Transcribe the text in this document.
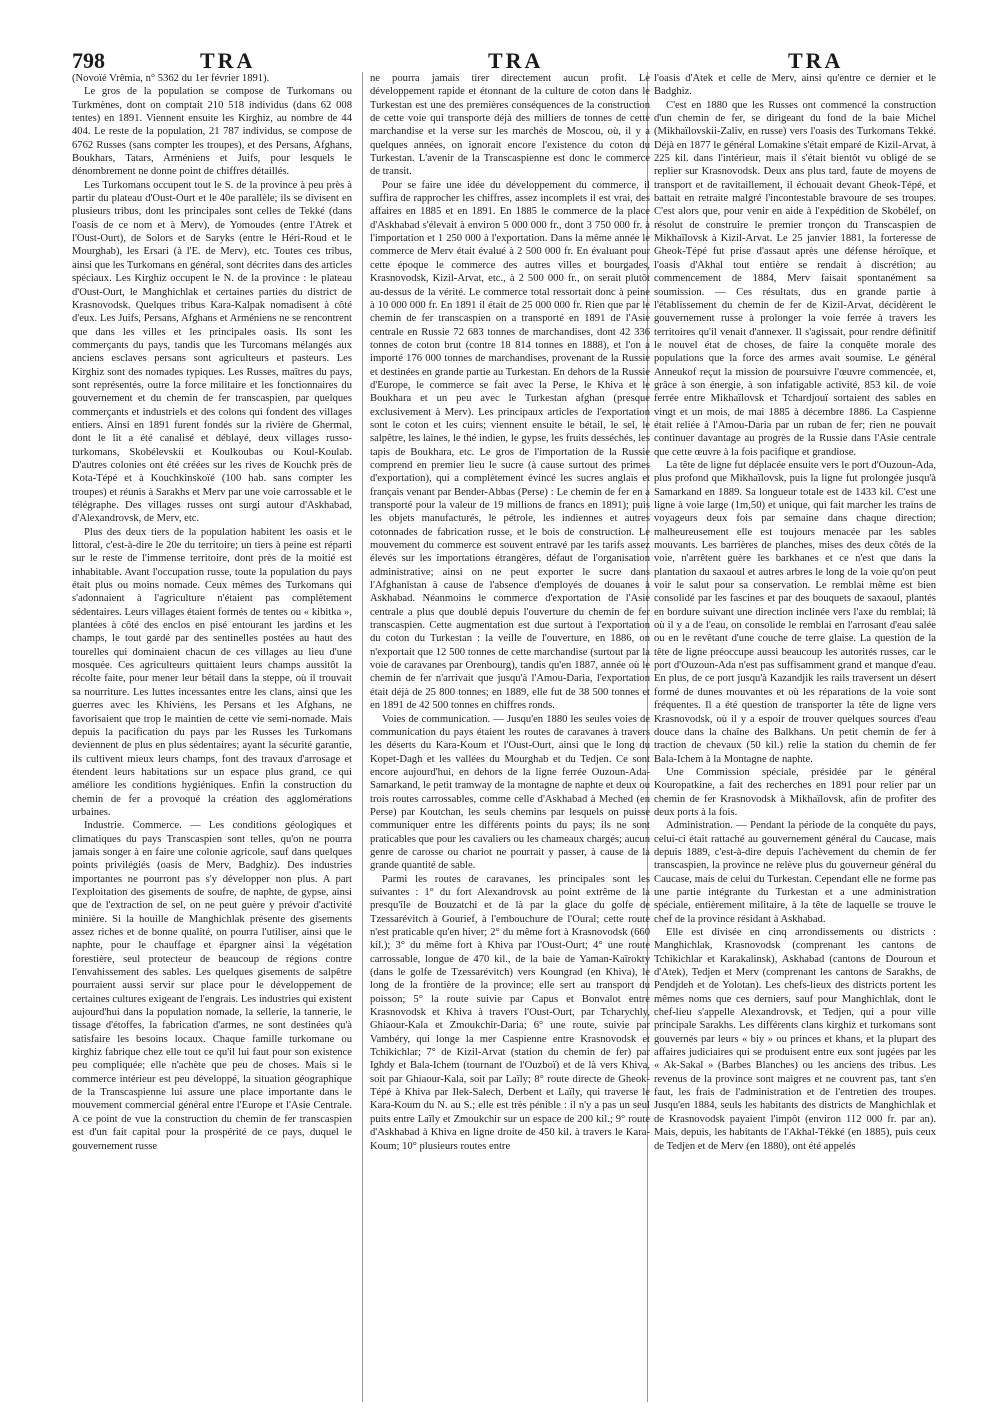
798	TRA	TRA	TRA

(Novoïé Vrêmia, n° 5362 du 1er février 1891).

Le gros de la population se compose de Turkomans ou Turkmènes, dont on comptait 210 518 individus (dans 62 008 tentes) en 1891. Viennent ensuite les Kirghiz, au nombre de 44 404. Le reste de la population, 21 787 individus, se compose de 6762 Russes (sans compter les troupes), et des Persans, Afghans, Boukhars, Tatars, Arméniens et Juifs, pour lesquels le dénombrement ne donne point de chiffres détaillés.

Les Turkomans occupent tout le S. de la province à peu près à partir du plateau d'Oust-Ourt et le 40e parallèle; ils se divisent en plusieurs tribus, dont les principales sont celles de Tekké (dans l'oasis de ce nom et à Merv), de Yomoudes (entre l'Atrek et l'Oust-Ourt), de Solors et de Saryks (entre le Héri-Roud et le Mourghab), les Ersari (à l'E. de Merv), etc. Toutes ces tribus, ainsi que les Turkomans en général, sont décrites dans des articles spéciaux. Les Kirghiz occupent le N. de la province : le plateau d'Oust-Ourt, le Manghichlak et certaines parties du district de Krasnovodsk. Quelques tribus Kara-Kalpak nomadisent à côté d'eux. Les Juifs, Persans, Afghans et Arméniens ne se rencontrent que dans les villes et les principales oasis. Ils sont les commerçants du pays, tandis que les Turcomans mélangés aux anciens esclaves persans sont agriculteurs et pasteurs. Les Kirghiz sont des nomades typiques. Les Russes, maîtres du pays, sont représentés, outre la force militaire et les fonctionnaires du gouvernement et du chemin de fer transcaspien, par quelques commerçants et industriels et des colons qui fondent des villages entiers. Ainsi en 1891 furent fondés sur la rivière de Ghermal, dont le lit a été canalisé et déblayé, deux villages russo-turkomans, Skobélevskii et Koulkoubas ou Koul-Koulab. D'autres colonies ont été créées sur les rives de Kouchk près de Kota-Tépé et à Kouchkinskoïé (100 hab. sans compter les troupes) et réunis à Sarakhs et Merv par une voie carrossable et le télégraphe. Des villages russes ont surgi autour d'Askhabad, d'Alexandrovsk, de Merv, etc.

Plus des deux tiers de la population habitent les oasis et le littoral, c'est-à-dire le 20e du territoire; un tiers à peine est réparti sur le reste de l'immense territoire, dont près de la moitié est inhabitable. Avant l'occupation russe, toute la population du pays était plus ou moins nomade. Ceux mêmes des Turkomans qui s'adonnaient à l'agriculture n'étaient pas complètement sédentaires. Leurs villages étaient formés de tentes ou « kibitka », plantées à côté des enclos en pisé entourant les jardins et les champs, le tout gardé par des sentinelles postées au haut des tourelles qui dominaient chacun de ces villages au lieu d'une mosquée. Ces agriculteurs quittaient leurs champs aussitôt la récolte faite, pour mener leur bétail dans la steppe, où il trouvait sa nourriture. Les luttes incessantes entre les clans, ainsi que les guerres avec les Khiviens, les Persans et les Afghans, ne favorisaient que trop le maintien de cette vie semi-nomade. Mais depuis la pacification du pays par les Russes les Turkomans deviennent de plus en plus sédentaires; ayant la sécurité garantie, ils cultivent mieux leurs champs, font des travaux d'arrosage et étendent leurs habitations sur un espace plus grand, ce qui améliore les conditions hygiéniques. Enfin la construction du chemin de fer a provoqué la création des agglomérations urbaines.

Industrie. Commerce. — Les conditions géologiques et climatiques du pays Transcaspien sont telles, qu'on ne pourra jamais songer à en faire une colonie agricole, sauf dans quelques points privilégiés (oasis de Merv, Badghiz). Des industries importantes ne pourront pas s'y développer non plus. A part l'exploitation des gisements de soufre, de naphte, de gypse, ainsi que de l'extraction de sel, on ne peut guère y prévoir d'activité minière. Si la houille de Manghichlak présente des gisements assez riches et de bonne qualité, on pourra l'utiliser, ainsi que le naphte, pour le chauffage et épargner ainsi la végétation forestière, seul protecteur de beaucoup de régions contre l'envahissement des sables. Les quelques gisements de salpêtre pourraient aussi servir sur place pour le développement de certaines cultures exigeant de l'engrais. Les industries qui existent aujourd'hui dans la population nomade, la sellerie, la tannerie, le tissage d'étoffes, la fabrication d'armes, ne sont destinées qu'à satisfaire les besoins locaux. Chaque famille turkomane ou kirghiz fabrique chez elle tout ce qu'il lui faut pour son existence peu compliquée; elle n'achète que peu de choses. Mais si le commerce intérieur est peu développé, la situation géographique de la Transcaspienne lui assure une place importante dans le mouvement commercial général entre l'Europe et l'Asie Centrale. A ce point de vue la construction du chemin de fer transcaspien est d'un fait capital pour la prospérité de ce pays, duquel le gouvernement russe

ne pourra jamais tirer directement aucun profit. Le développement rapide et étonnant de la culture de coton dans le Turkestan est une des premières conséquences de la construction de cette voie qui transporte déjà des milliers de tonnes de cette marchandise et la verse sur les marchés de Moscou, où, il y a quelques années, on ignorait encore l'existence du coton du Turkestan. L'avenir de la Transcaspienne est donc le commerce de transit.

Pour se faire une idée du développement du commerce, il suffira de rapprocher les chiffres, assez incomplets il est vrai, des affaires en 1885 et en 1891. En 1885 le commerce de la place d'Askhabad s'élevait à environ 5 000 000 fr., dont 3 750 000 fr. à l'importation et 1 250 000 à l'exportation. Dans la même année le commerce de Merv était évalué à 2 500 000 fr. En évaluant pour cette époque le commerce des autres villes et bourgades, Krasnovodsk, Kizil-Arvat, etc., à 2 500 000 fr., on serait plutôt au-dessus de la vérité. Le commerce total ressortait donc à peine à 10 000 000 fr. En 1891 il était de 25 000 000 fr. Rien que par le chemin de fer transcaspien on a transporté en 1891 de l'Asie centrale en Russie 72 683 tonnes de marchandises, dont 42 336 tonnes de coton brut (contre 18 814 tonnes en 1888), et l'on a importé 176 000 tonnes de marchandises, provenant de la Russie et destinées en grande partie au Turkestan. En dehors de la Russie d'Europe, le commerce se fait avec la Perse, le Khiva et le Boukhara et un peu avec le Turkestan afghan (presque exclusivement à Merv). Les principaux articles de l'exportation sont le coton et les cuirs; viennent ensuite le bétail, le sel, le salpêtre, les laines, le thé indien, le gypse, les fruits desséchés, les tapis de Boukhara, etc. Le gros de l'importation de la Russie comprend en premier lieu le sucre (à cause surtout des primes d'exportation), qui a complètement évincé les sucres anglais et français venant par Bender-Abbas (Perse) : Le chemin de fer en a transporté pour la valeur de 19 millions de francs en 1891); puis les objets manufacturés, le pétrole, les indiennes et autres cotonnades de fabrication russe, et le bois de construction. Le mouvement du commerce est souvent entravé par les tarifs assez élevés sur les importations étrangères, défaut de l'organisation administrative; ainsi on ne peut exporter le sucre dans l'Afghanistan à cause de l'absence d'employés de douanes à Askhabad. Néanmoins le commerce d'exportation de l'Asie centrale a plus que doublé depuis l'ouverture du chemin de fer transcaspien. Cette augmentation est due surtout à l'exportation du coton du Turkestan : la veille de l'ouverture, en 1886, on n'exportait que 12 500 tonnes de cette marchandise (surtout par la voie de caravanes par Orenbourg), tandis qu'en 1887, année où le chemin de fer n'arrivait que jusqu'à l'Amou-Daria, l'exportation était déjà de 25 800 tonnes; en 1889, elle fut de 38 500 tonnes et en 1891 de 42 500 tonnes en chiffres ronds.

Voies de communication. — Jusqu'en 1880 les seules voies de communication du pays étaient les routes de caravanes à travers les déserts du Kara-Koum et l'Oust-Ourt, ainsi que le long du Kopet-Dagh et les vallées du Mourghab et du Tedjen. Ce sont encore aujourd'hui, en dehors de la ligne ferrée Ouzoun-Ada-Samarkand, le petit tramway de la montagne de naphte et deux ou trois routes carrossables, comme celle d'Askhabad à Meched (en Perse) par Koutchan, les seuls chemins par lesquels on puisse communiquer entre les différents points du pays; ils ne sont praticables que pour les cavaliers ou les chameaux chargés; aucun genre de carosse ou chariot ne pourrait y passer, à cause de la grande quantité de sable.

Parmi les routes de caravanes, les principales sont les suivantes : 1° du fort Alexandrovsk au point extrême de la presqu'île de Bouzatchi et de là par la glace du golfe de Tzessarévitch à Gourief, à l'embouchure de l'Oural; cette route n'est praticable qu'en hiver; 2° du même fort à Krasnovodsk (660 kil.); 3° du même fort à Khiva par l'Oust-Ourt; 4° une route carrossable, longue de 470 kil., de la baie de Yaman-Kaïrokty (dans le golfe de Tzessarévitch) vers Koungrad (en Khiva), le long de la frontière de la province; elle sert au transport du poisson; 5° la route suivie par Capus et Bonvalot entre Krasnovodsk et Khiva à travers l'Oust-Ourt, par Tcharychly, Ghiaour-Kala et Zmoukchir-Daria; 6° une route, suivie par Vambéry, qui longe la mer Caspienne entre Krasnovodsk et Tchikichlar; 7° de Kizil-Arvat (station du chemin de fer) par Ighdy et Bala-Ichem (tournant de l'Ouzboï) et de là vers Khiva, soit par Ghiaour-Kala, soit par Laïly; 8° route directe de Gheok-Tépé à Khiva par Ilek-Salech, Derbent et Laïly, qui traverse le Kara-Koum du N. au S.; elle est très pénible : il n'y a pas un seul puits entre Laïly et Zmoukchir sur un espace de 200 kil.; 9° route d'Askhabad à Khiva en ligne droite de 450 kil. à travers le Kara-Koum; 10° plusieurs routes entre

l'oasis d'Atek et celle de Merv, ainsi qu'entre ce dernier et le Badghiz.

C'est en 1880 que les Russes ont commencé la construction d'un chemin de fer, se dirigeant du fond de la baie Michel (Mikhaïlovskii-Zaliv, en russe) vers l'oasis des Turkomans Tekké. Déjà en 1877 le général Lomakine s'était emparé de Kizil-Arvat, à 225 kil. dans l'intérieur, mais il s'était bientôt vu obligé de se replier sur Krasnovodsk. Deux ans plus tard, faute de moyens de transport et de ravitaillement, il échouait devant Gheok-Tépé, et battait en retraite malgré l'incontestable bravoure de ses troupes. C'est alors que, pour venir en aide à l'expédition de Skobélef, on résolut de construire le premier tronçon du Transcaspien de Mikhaïlovsk à Kizil-Arvat. Le 25 janvier 1881, la forteresse de Gheok-Tépé fut prise d'assaut après une défense héroïque, et l'oasis d'Akhal tout entière se rendait à discrétion; au commencement de 1884, Merv faisait spontanément sa soumission. — Ces résultats, dus en grande partie à l'établissement du chemin de fer de Kizil-Arvat, décidèrent le gouvernement russe à prolonger la voie ferrée à travers les territoires qu'il venait d'annexer. Il s'agissait, pour rendre définitif le nouvel état de choses, de faire la conquête morale des populations que la force des armes avait soumise. Le général Anneukof reçut la mission de poursuivre l'œuvre commencée, et, grâce à son énergie, à son infatigable activité, 853 kil. de voie ferrée entre Mikhaïlovsk et Tchardjouï sortaient des sables en vingt et un mois, de mai 1885 à décembre 1886. La Caspienne était reliée à l'Amou-Daria par un ruban de fer; rien ne pouvait continuer davantage au progrès de la Russie dans l'Asie centrale que cette œuvre à la fois pacifique et grandiose.

La tête de ligne fut déplacée ensuite vers le port d'Ouzoun-Ada, plus profond que Mikhaïlovsk, puis la ligne fut prolongée jusqu'à Samarkand en 1889. Sa longueur totale est de 1433 kil. C'est une ligne à voie large (1m,50) et unique, qui fait marcher les trains de voyageurs deux fois par semaine dans chaque direction; malheureusement elle est toujours menacée par les sables mouvants. Les barrières de planches, mises des deux côtés de la voie, n'arrêtent guère les barkhanes et ce n'est que dans la plantation du saxaoul et autres arbres le long de la voie qu'on peut voir le salut pour sa conservation. Le remblai même est bien consolidé par les fascines et par des bouquets de saxaoul, plantés en bordure suivant une direction inclinée vers l'axe du remblai; là où il y a de l'eau, on consolide le remblai en l'arrosant d'eau salée ou en le revêtant d'une couche de terre glaise. La question de la tête de ligne préoccupe aussi beaucoup les autorités russes, car le port d'Ouzoun-Ada n'est pas suffisamment grand et manque d'eau. En plus, de ce port jusqu'à Kazandjik les rails traversent un désert formé de dunes mouvantes et où les réparations de la voie sont fréquentes. Il a été question de transporter la tête de ligne vers Krasnovodsk, où il y a espoir de trouver quelques sources d'eau douce dans la chaîne des Balkhans. Un petit chemin de fer à traction de chevaux (50 kil.) relie la station du chemin de fer Bala-Ichem à la Montagne de naphte.

Une Commission spéciale, présidée par le général Kouropatkine, a fait des recherches en 1891 pour relier par un chemin de fer Krasnovodsk à Mikhaïlovsk, afin de profiter des deux ports à la fois.

Administration. — Pendant la période de la conquête du pays, celui-ci était rattaché au gouvernement général du Caucase, mais depuis 1889, c'est-à-dire depuis l'achèvement du chemin de fer transcaspien, la province ne relève plus du gouverneur général du Caucase, mais de celui du Turkestan. Cependant elle ne forme pas une partie intégrante du Turkestan et a une administration spéciale, entièrement militaire, à la tête de laquelle se trouve le chef de la province résidant à Askhabad.

Elle est divisée en cinq arrondissements ou districts : Manghichlak, Krasnovodsk (comprenant les cantons de Tchikichlar et Karakalinsk), Askhabad (cantons de Douroun et d'Atek), Tedjen et Merv (comprenant les cantons de Sarakhs, de Pendjdeh et de Yolotan). Les chefs-lieux des districts portent les mêmes noms que ces derniers, sauf pour Manghichlak, dont le chef-lieu s'appelle Alexandrovsk, et Tedjen, qui a pour ville principale Sarakhs. Les différents clans kirghiz et turkomans sont gouvernés par leurs « biy » ou princes et khans, et la plupart des affaires judiciaires qui se produisent entre eux sont jugées par les « Ak-Sakal » (Barbes Blanches) ou les anciens des tribus. Les revenus de la province sont maigres et ne couvrent pas, tant s'en faut, les frais de l'administration et de l'entretien des troupes. Jusqu'en 1884, seuls les habitants des districts de Manghichlak et de Krasnovodsk payaient l'impôt (environ 112 000 fr. par an). Mais, depuis, les habitants de l'Akhal-Tékké (en 1885), puis ceux de Tedjen et de Merv (en 1880), ont été appelés
